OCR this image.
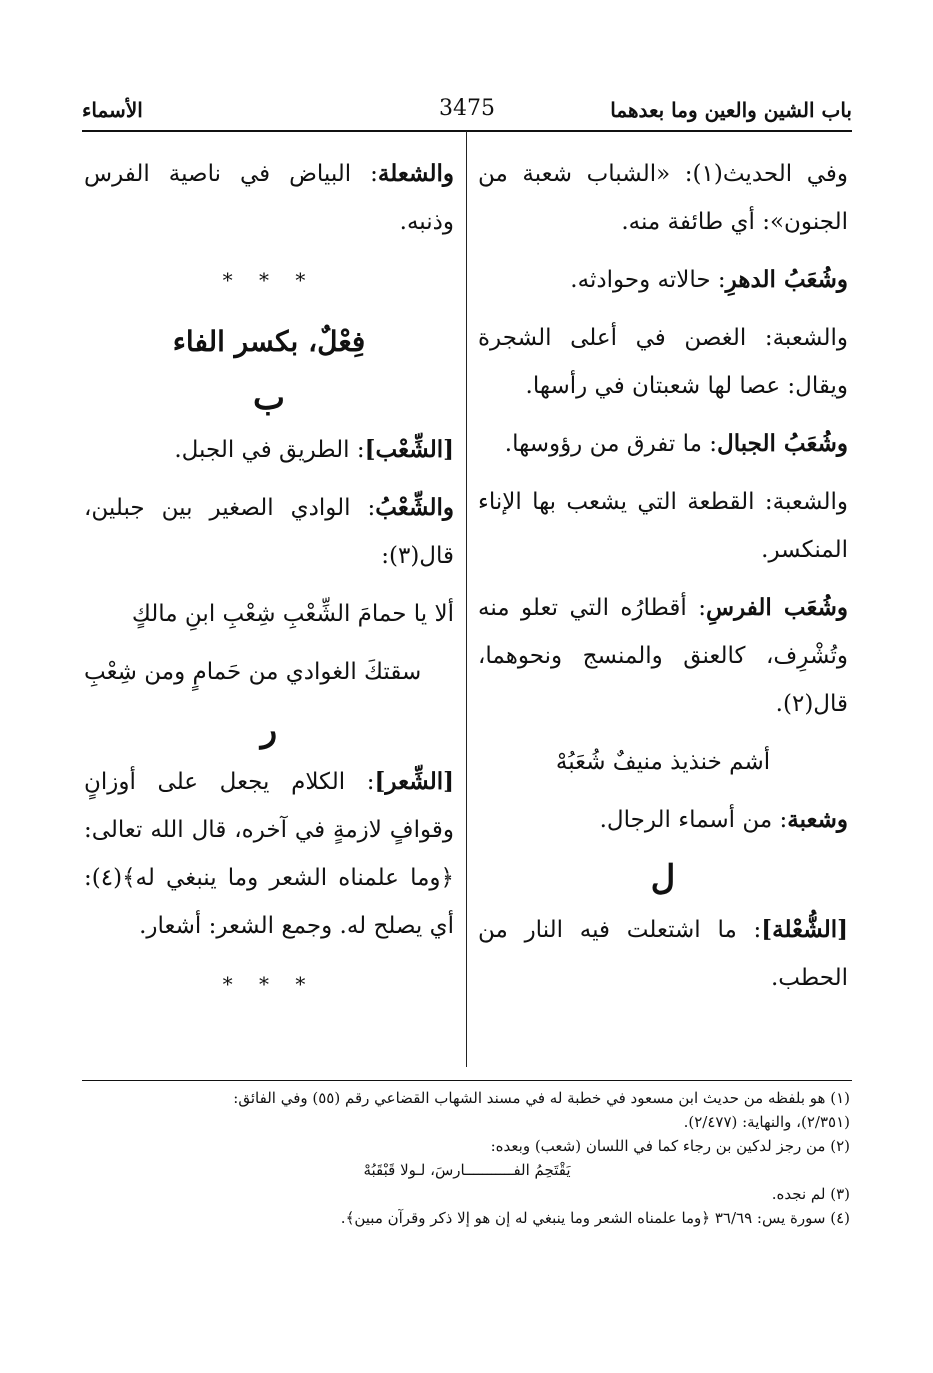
باب الشين والعين وما بعدهما
3475
الأسماء

وفي الحديث(١): «الشباب شعبة من الجنون»: أي طائفة منه.

وشُعَبُ الدهرِ: حالاته وحوادثه.

والشعبة: الغصن في أعلى الشجرة ويقال: عصا لها شعبتان في رأسها.

وشُعَبُ الجبال: ما تفرق من رؤوسها.

والشعبة: القطعة التي يشعب بها الإناء المنكسر.

وشُعَب الفرسِ: أقطارُه التي تعلو منه وتُشْرِف، كالعنق والمنسج ونحوهما، قال(٢).

أشم خنذيذ منيفٌ شُعَبُهْ

وشعبة: من أسماء الرجال.

ل

[الشُّعْلة]: ما اشتعلت فيه النار من الحطب.

والشعلة: البياض في ناصية الفرس وذنبه.

* * *
فِعْلٌ، بكسر الفاء
ب

[الشِّعْب]: الطريق في الجبل.

والشِّعْبُ: الوادي الصغير بين جبلين، قال(٣):

ألا يا حمامَ الشِّعْبِ شِعْبِ ابنِ مالكٍ
سقتكَ الغوادي من حَمامٍ ومن شِعْبِ
ر

[الشِّعر]: الكلام يجعل على أوزانٍ وقوافٍ لازمةٍ في آخره، قال الله تعالى: ﴿وما علمناه الشعر وما ينبغي له﴾(٤): أي يصلح له. وجمع الشعر: أشعار.

* * *
(١) هو بلفظه من حديث ابن مسعود في خطبة له في مسند الشهاب القضاعي رقم (٥٥) وفي الفائق:
(٢/٣٥١)، والنهاية: (٢/٤٧٧).
(٢) من رجز لدكين بن رجاء كما في اللسان (شعب) وبعده:
يَقْتَحِمُ الفـــــــــــارسَ، لـولا قَبْقَبُهْ
(٣) لم نجده.
(٤) سورة يس: ٣٦/٦٩ ﴿وما علمناه الشعر وما ينبغي له إن هو إلا ذكر وقرآن مبين﴾.
